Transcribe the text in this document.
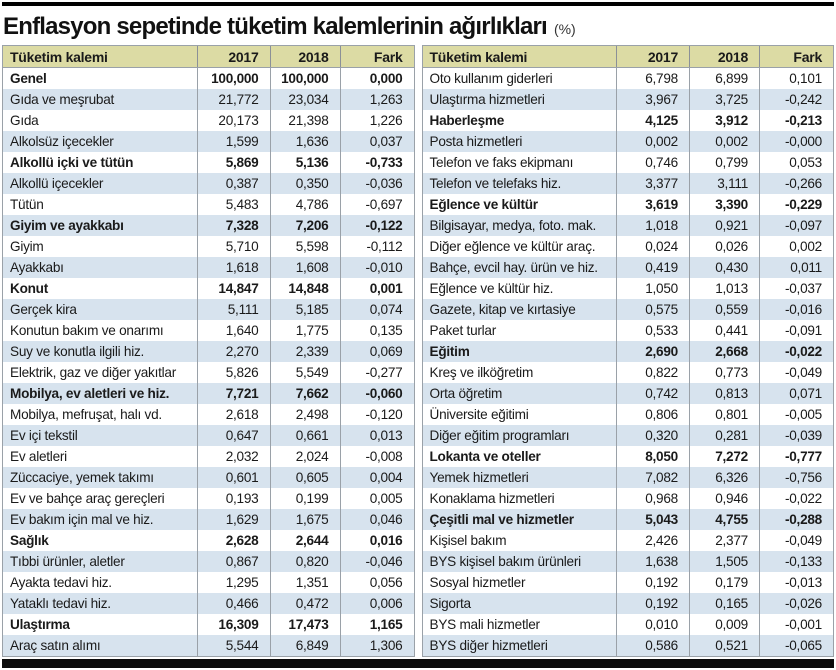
Enflasyon sepetinde tüketim kalemlerinin ağırlıkları (%)
Tüketim kalemi	2017	2018	Fark
Genel	100,000	100,000	0,000
Gıda ve meşrubat	21,772	23,034	1,263
Gıda	20,173	21,398	1,226
Alkolsüz içecekler	1,599	1,636	0,037
Alkollü içki ve tütün	5,869	5,136	-0,733
Alkollü içecekler	0,387	0,350	-0,036
Tütün	5,483	4,786	-0,697
Giyim ve ayakkabı	7,328	7,206	-0,122
Giyim	5,710	5,598	-0,112
Ayakkabı	1,618	1,608	-0,010
Konut	14,847	14,848	0,001
Gerçek kira	5,111	5,185	0,074
Konutun bakım ve onarımı	1,640	1,775	0,135
Suy ve konutla ilgili hiz.	2,270	2,339	0,069
Elektrik, gaz ve diğer yakıtlar	5,826	5,549	-0,277
Mobilya, ev aletleri ve hiz.	7,721	7,662	-0,060
Mobilya, mefruşat, halı vd.	2,618	2,498	-0,120
Ev içi tekstil	0,647	0,661	0,013
Ev aletleri	2,032	2,024	-0,008
Züccaciye, yemek takımı	0,601	0,605	0,004
Ev ve bahçe araç gereçleri	0,193	0,199	0,005
Ev bakım için mal ve hiz.	1,629	1,675	0,046
Sağlık	2,628	2,644	0,016
Tıbbi ürünler, aletler	0,867	0,820	-0,046
Ayakta tedavi hiz.	1,295	1,351	0,056
Yataklı tedavi hiz.	0,466	0,472	0,006
Ulaştırma	16,309	17,473	1,165
Araç satın alımı	5,544	6,849	1,306
Tüketim kalemi	2017	2018	Fark
Oto kullanım giderleri	6,798	6,899	0,101
Ulaştırma hizmetleri	3,967	3,725	-0,242
Haberleşme	4,125	3,912	-0,213
Posta hizmetleri	0,002	0,002	-0,000
Telefon ve faks ekipmanı	0,746	0,799	0,053
Telefon ve telefaks hiz.	3,377	3,111	-0,266
Eğlence ve kültür	3,619	3,390	-0,229
Bilgisayar, medya, foto. mak.	1,018	0,921	-0,097
Diğer eğlence ve kültür araç.	0,024	0,026	0,002
Bahçe, evcil hay. ürün ve hiz.	0,419	0,430	0,011
Eğlence ve kültür hiz.	1,050	1,013	-0,037
Gazete, kitap ve kırtasiye	0,575	0,559	-0,016
Paket turlar	0,533	0,441	-0,091
Eğitim	2,690	2,668	-0,022
Kreş ve ilköğretim	0,822	0,773	-0,049
Orta öğretim	0,742	0,813	0,071
Üniversite eğitimi	0,806	0,801	-0,005
Diğer eğitim programları	0,320	0,281	-0,039
Lokanta ve oteller	8,050	7,272	-0,777
Yemek hizmetleri	7,082	6,326	-0,756
Konaklama hizmetleri	0,968	0,946	-0,022
Çeşitli mal ve hizmetler	5,043	4,755	-0,288
Kişisel bakım	2,426	2,377	-0,049
BYS kişisel bakım ürünleri	1,638	1,505	-0,133
Sosyal hizmetler	0,192	0,179	-0,013
Sigorta	0,192	0,165	-0,026
BYS mali hizmetler	0,010	0,009	-0,001
BYS diğer hizmetleri	0,586	0,521	-0,065
